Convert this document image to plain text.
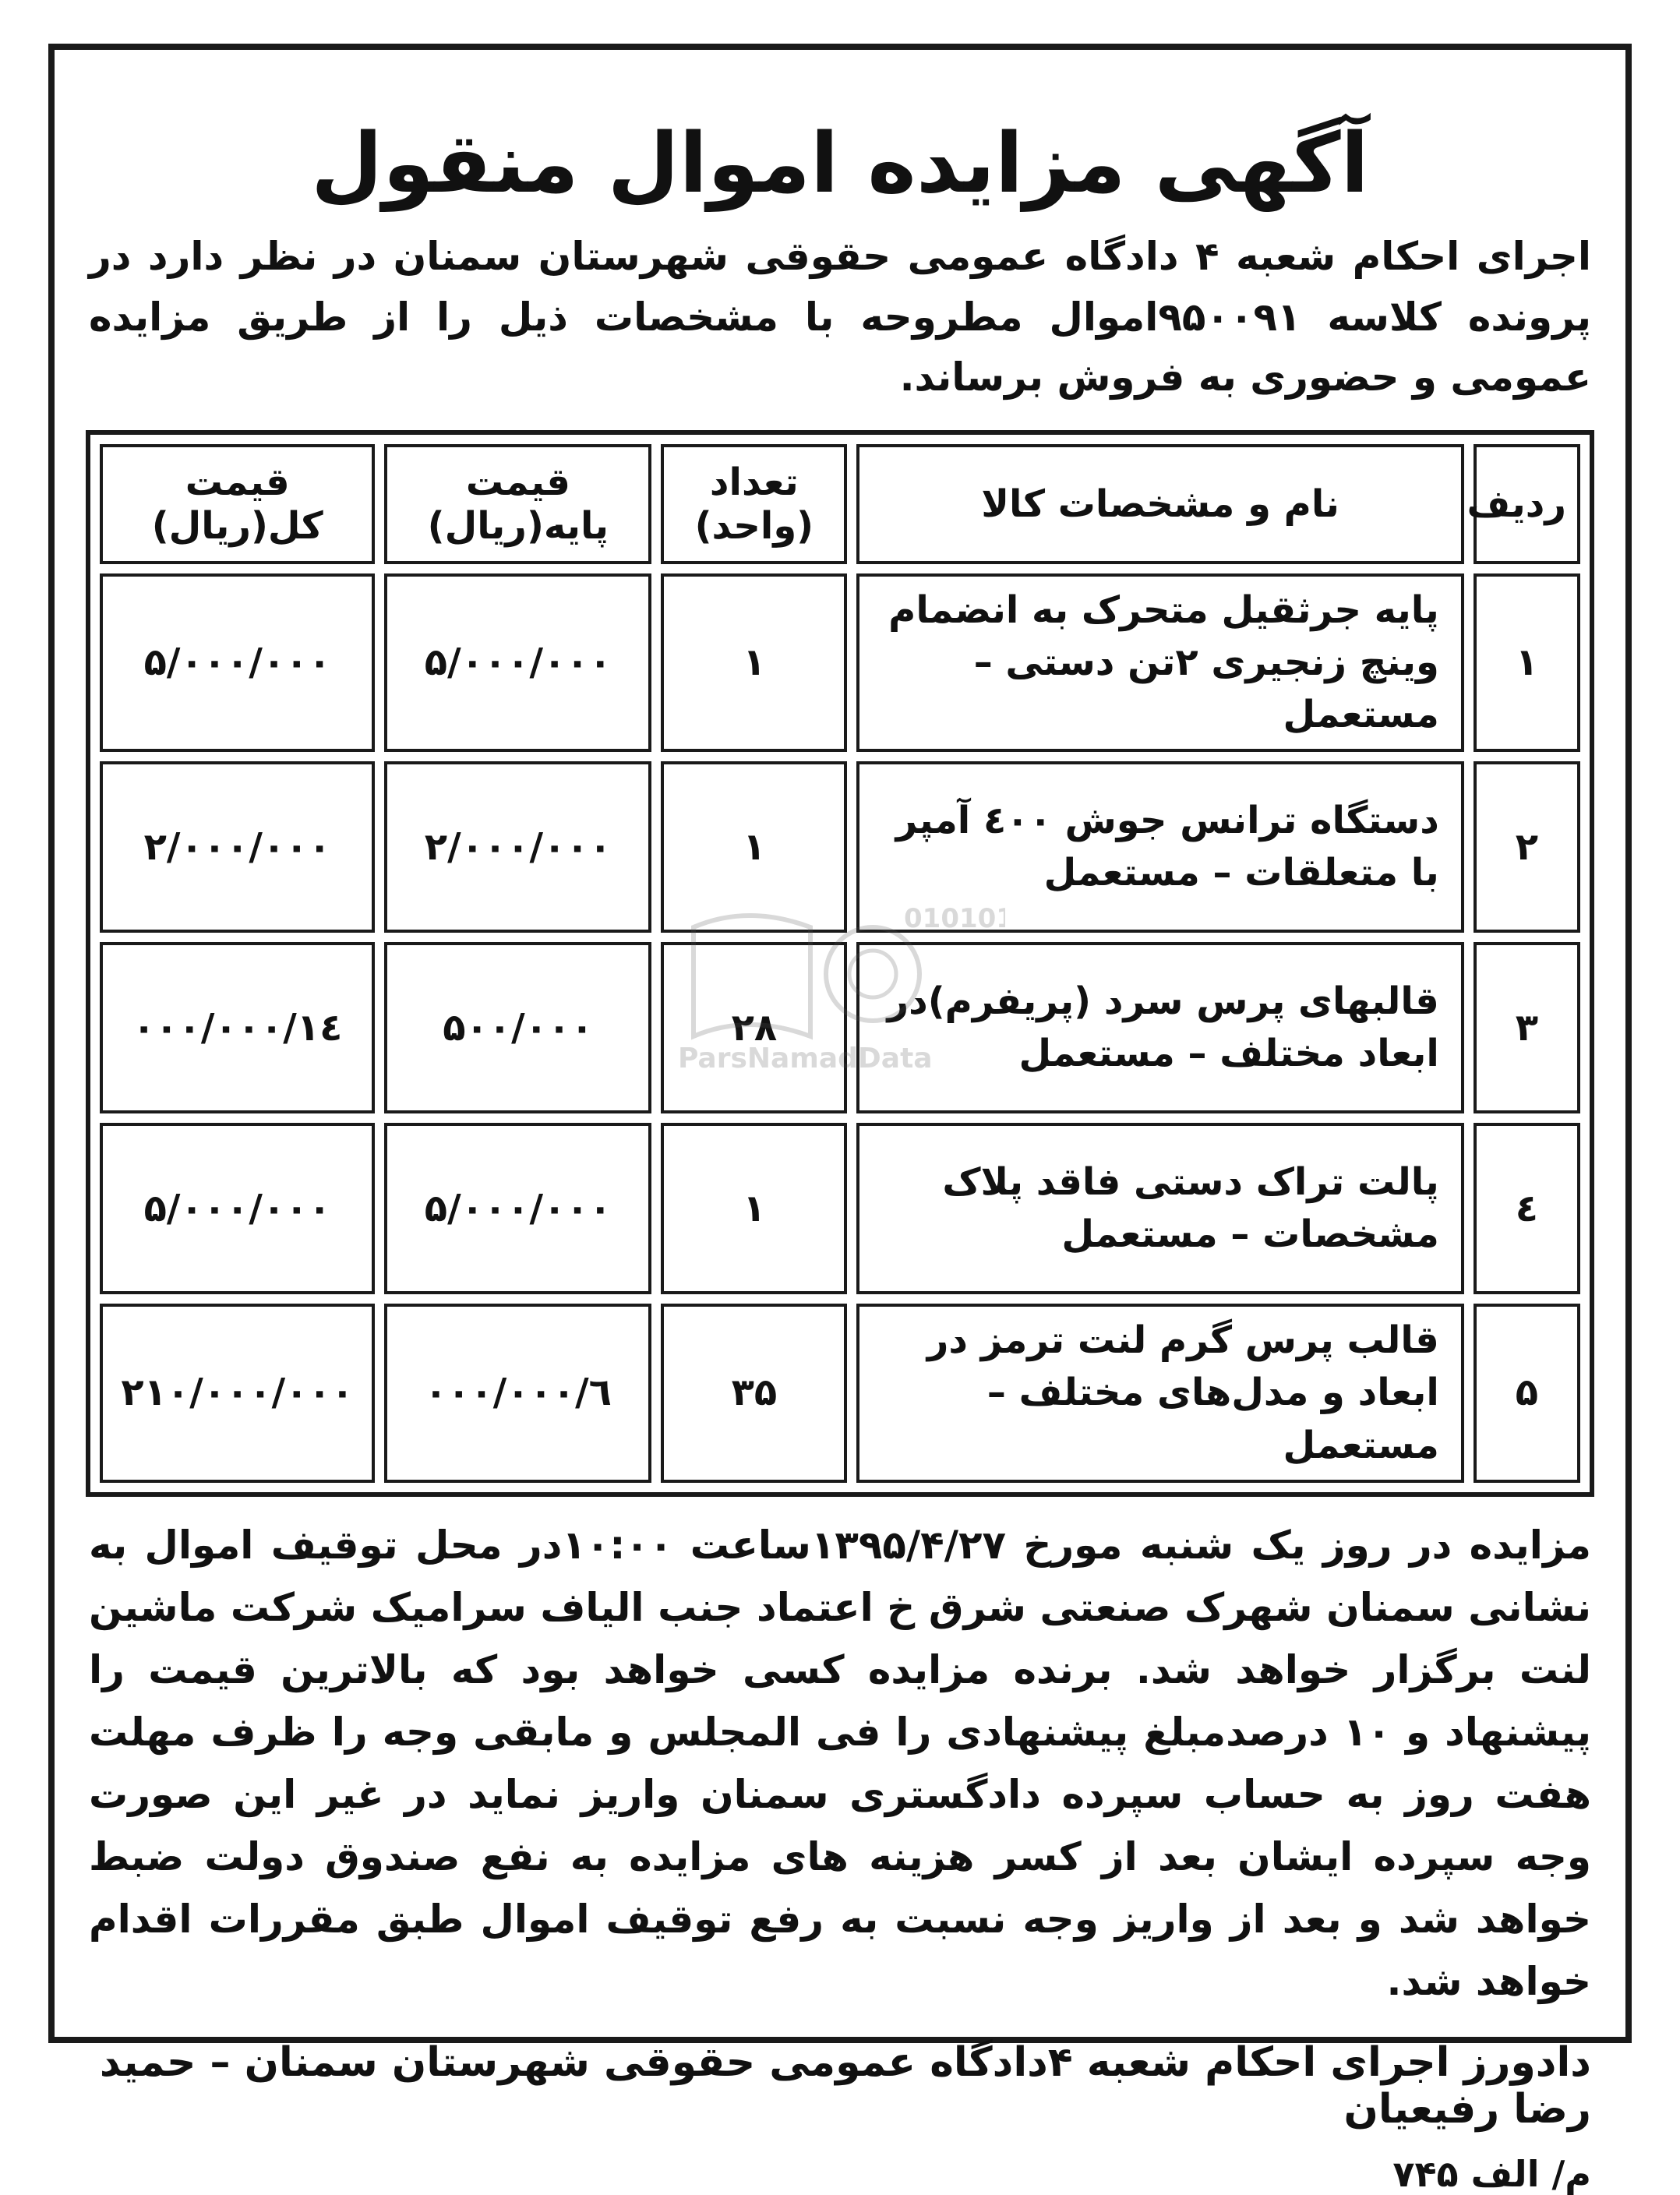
آگهی مزایده اموال منقول
اجرای احکام شعبه ۴ دادگاه عمومی حقوقی شهرستان سمنان در نظر دارد در پرونده کلاسه ۹۵۰۰۹۱اموال مطروحه با مشخصات ذیل را از طریق مزایده عمومی و حضوری به فروش برساند.
ردیف	نام و مشخصات کالا	تعداد (واحد)	قیمت پایه(ریال)	قیمت کل(ریال)
۱	پایه جرثقیل متحرک به انضمام وینچ زنجیری ۲تن دستی – مستعمل	۱	۵/۰۰۰/۰۰۰	۵/۰۰۰/۰۰۰
۲	دستگاه ترانس جوش ٤٠٠ آمپر با متعلقات – مستعمل	۱	۲/۰۰۰/۰۰۰	۲/۰۰۰/۰۰۰
۳	قالبهای پرس سرد (پریفرم)در ابعاد مختلف – مستعمل	۲۸	۵۰۰/۰۰۰	۱٤/۰۰۰/۰۰۰
٤	پالت تراک دستی فاقد پلاک مشخصات – مستعمل	۱	۵/۰۰۰/۰۰۰	۵/۰۰۰/۰۰۰
۵	قالب پرس گرم لنت ترمز در ابعاد و مدل‌های مختلف – مستعمل	۳۵	٦/۰۰۰/۰۰۰	۲۱۰/۰۰۰/۰۰۰
مزایده در روز یک شنبه مورخ ۱۳۹۵/۴/۲۷ساعت ۱۰:۰۰در محل توقیف اموال به نشانی سمنان شهرک صنعتی شرق خ اعتماد جنب الیاف سرامیک شرکت ماشین لنت برگزار خواهد شد. برنده مزایده کسی خواهد بود که بالاترین قیمت را پیشنهاد و ۱۰ درصدمبلغ پیشنهادی را فی المجلس و مابقی وجه را ظرف مهلت هفت روز به حساب سپرده دادگستری سمنان واریز نماید در غیر این صورت وجه سپرده ایشان بعد از کسر هزینه های مزایده به نفع صندوق دولت ضبط خواهد شد و بعد از واریز وجه نسبت به رفع توقیف اموال طبق مقررات اقدام خواهد شد.
دادورز اجرای احکام شعبه ۴دادگاه عمومی حقوقی شهرستان سمنان – حمید رضا رفیعیان
م/ الف ۷۴۵
010101
ParsNamadData
